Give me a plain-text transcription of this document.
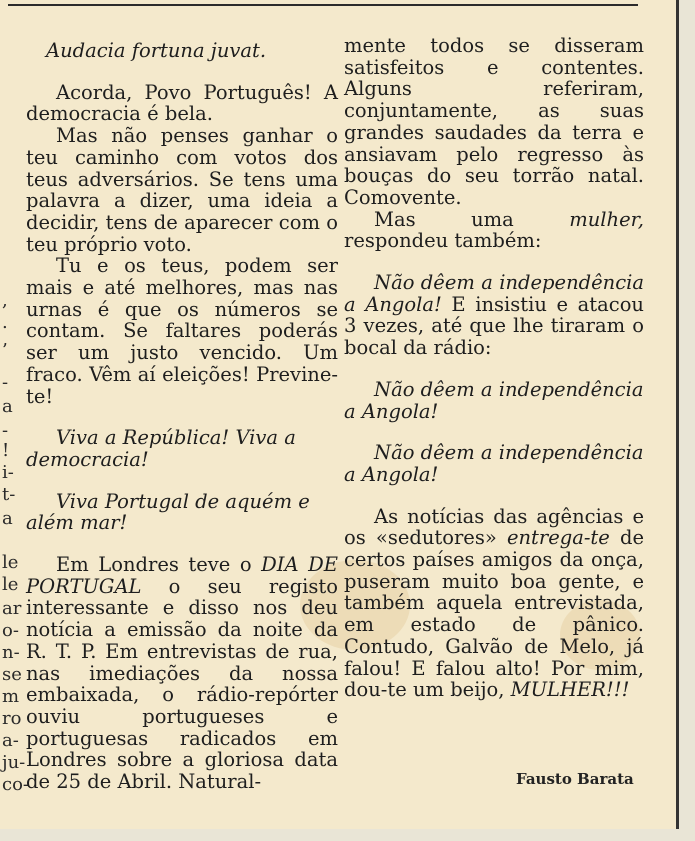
,
.
’
-
a
-
!
i-
t-
a
le
le
ar
o-
n-
se
m
ro
a-
ju-
co-

Audacia fortuna juvat.

Acorda, Povo Português! A democracia é bela.

Mas não penses ganhar o teu caminho com votos dos teus adversários. Se tens uma palavra a dizer, uma ideia a decidir, tens de aparecer com o teu próprio voto.

Tu e os teus, podem ser mais e até melhores, mas nas urnas é que os números se contam. Se faltares poderás ser um justo vencido. Um fraco. Vêm aí eleições! Previne-te!

Viva a República! Viva a democracia!

Viva Portugal de aquém e além mar!

Em Londres teve o DIA DE PORTUGAL o seu registo interessante e disso nos deu notícia a emissão da noite da R. T. P. Em entrevistas de rua, nas imediações da nossa embaixada, o rádio-repórter ouviu portugueses e portuguesas radicados em Londres sobre a gloriosa data de 25 de Abril. Natural-

mente todos se disseram satisfeitos e contentes. Alguns referiram, conjuntamente, as suas grandes saudades da terra e ansiavam pelo regresso às bouças do seu torrão natal. Comovente.

Mas uma mulher, respondeu também:

Não dêem a independência a Angola! E insistiu e atacou 3 vezes, até que lhe tiraram o bocal da rádio:

Não dêem a independência a Angola!

Não dêem a independência a Angola!

As notícias das agências e os «sedutores» entrega-te de certos países amigos da onça, puseram muito boa gente, e também aquela entrevistada, em estado de pânico. Contudo, Galvão de Melo, já falou! E falou alto! Por mim, dou-te um beijo, MULHER!!!

Fausto Barata
